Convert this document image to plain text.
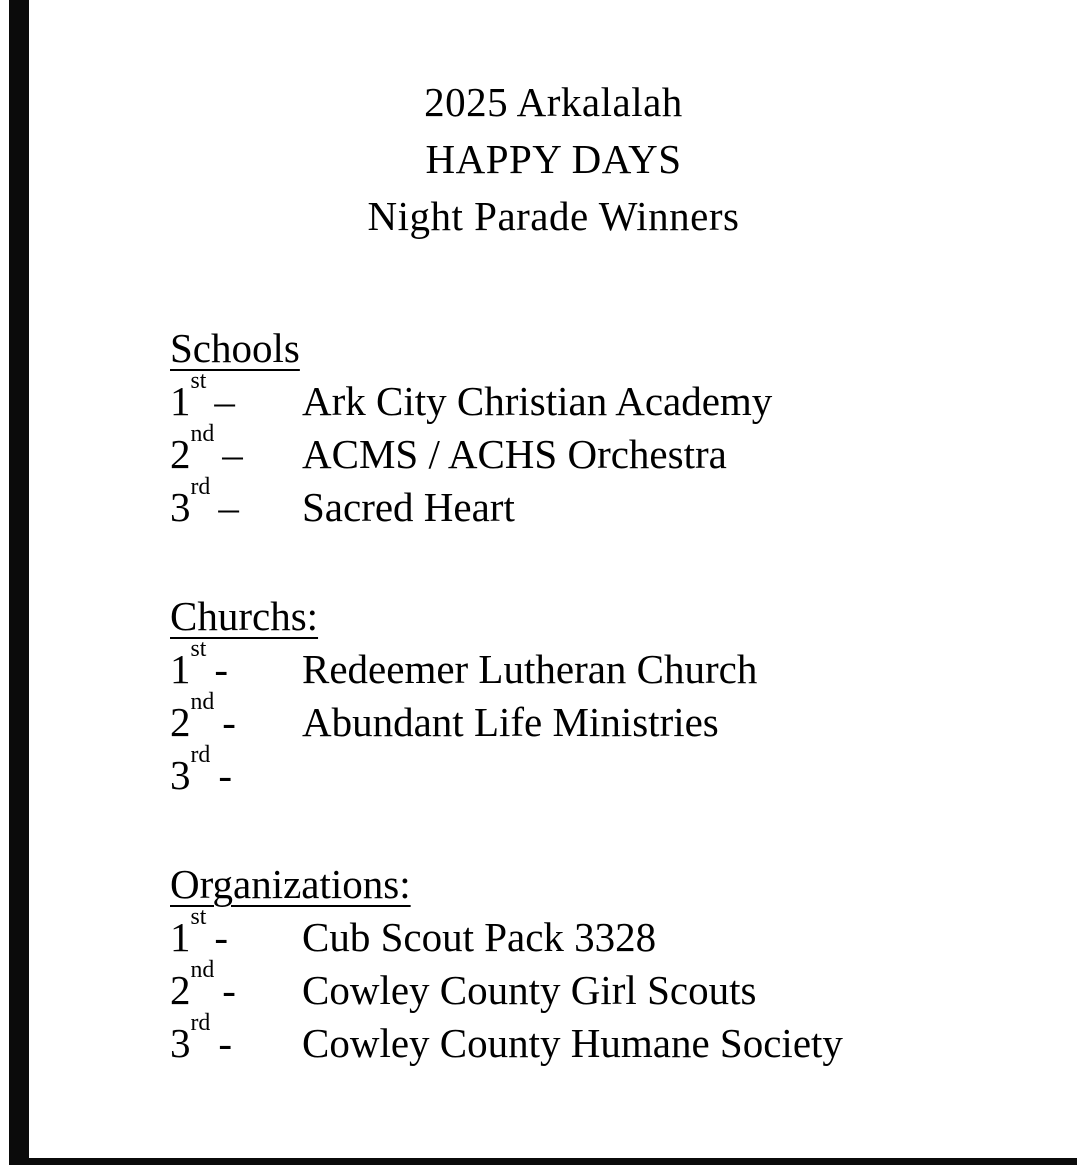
2025 Arkalalah
HAPPY DAYS
Night Parade Winners
Schools
1st –	Ark City Christian Academy
2nd –	ACMS / ACHS Orchestra
3rd –	Sacred Heart
Churchs:
1st -	Redeemer Lutheran Church
2nd -	Abundant Life Ministries
3rd -
Organizations:
1st -	Cub Scout Pack 3328
2nd -	Cowley County Girl Scouts
3rd -	Cowley County Humane Society
